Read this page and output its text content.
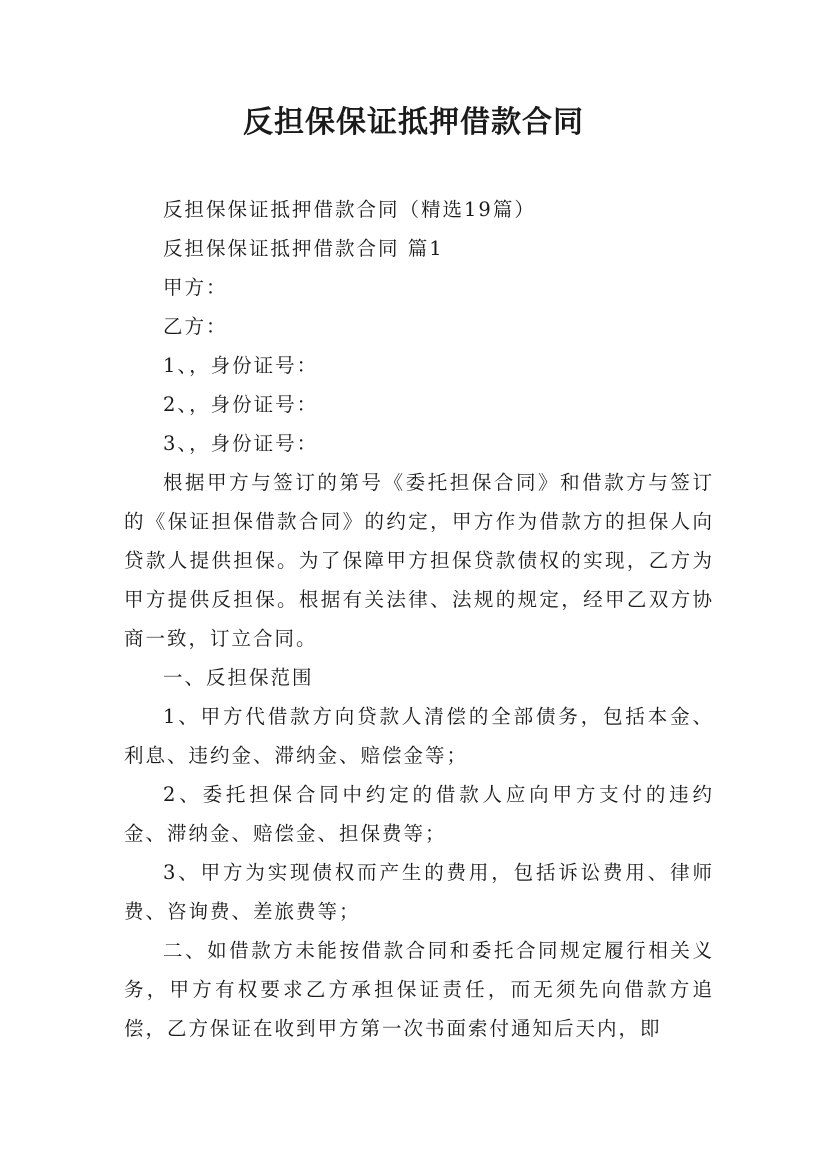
反担保保证抵押借款合同

反担保保证抵押借款合同（精选19篇）

反担保保证抵押借款合同 篇1

甲方：

乙方：

1、，身份证号：

2、，身份证号：

3、，身份证号：

根据甲方与签订的第号《委托担保合同》和借款方与签订的《保证担保借款合同》的约定，甲方作为借款方的担保人向贷款人提供担保。为了保障甲方担保贷款债权的实现，乙方为甲方提供反担保。根据有关法律、法规的规定，经甲乙双方协商一致，订立合同。

一、反担保范围

1、甲方代借款方向贷款人清偿的全部债务，包括本金、利息、违约金、滞纳金、赔偿金等；

2、委托担保合同中约定的借款人应向甲方支付的违约金、滞纳金、赔偿金、担保费等；

3、甲方为实现债权而产生的费用，包括诉讼费用、律师费、咨询费、差旅费等；

二、如借款方未能按借款合同和委托合同规定履行相关义务，甲方有权要求乙方承担保证责任，而无须先向借款方追偿，乙方保证在收到甲方第一次书面索付通知后天内，即
